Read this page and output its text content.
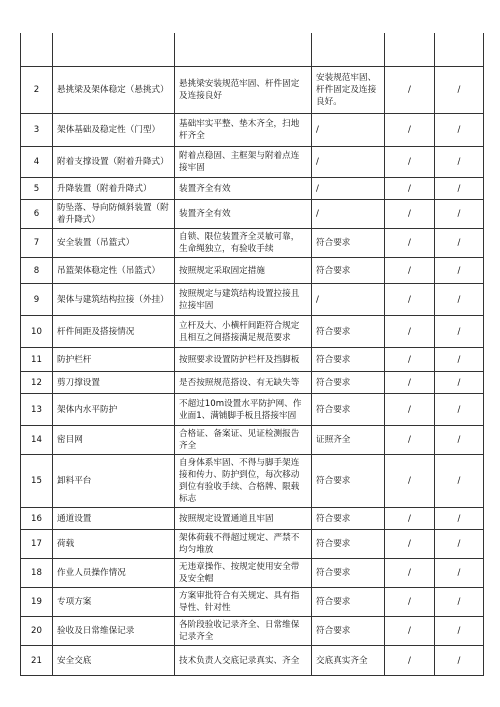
2	悬挑梁及架体稳定（悬挑式）	悬挑梁安装规范牢固、杆件固定及连接良好	安装规范牢固、杆件固定及连接良好。	/	/
3	架体基础及稳定性（门型）	基础牢实平整、垫木齐全，扫地杆齐全	/	/	/
4	附着支撑设置（附着升降式）	附着点稳固、主框架与附着点连接牢固	/	/	/
5	升降装置（附着升降式）	装置齐全有效	/	/	/
6	防坠落、导向防倾斜装置（附着升降式）	装置齐全有效	/	/	/
7	安全装置（吊篮式）	自锁、限位装置齐全灵敏可靠，生命绳独立，有验收手续	符合要求	/	/
8	吊篮架体稳定性（吊篮式）	按照规定采取固定措施	符合要求	/	/
9	架体与建筑结构拉接（外挂）	按照规定与建筑结构设置拉接且拉接牢固	/	/	/
10	杆件间距及搭接情况	立杆及大、小横杆间距符合规定且相互之间搭接满足规范要求	符合要求	/	/
11	防护栏杆	按照要求设置防护栏杆及挡脚板	符合要求	/	/
12	剪刀撑设置	是否按照规范搭设、有无缺失等	符合要求	/	/
13	架体内水平防护	不超过10m设置水平防护网、作业面1、满铺脚手板且搭接牢固	符合要求	/	/
14	密目网	合格证、备案证、见证检测报告齐全	证照齐全	/	/
15	卸料平台	自身体系牢固、不得与脚手架连接和传力、防护到位，每次移动到位有验收手续、合格牌、限载标志	符合要求	/	/
16	通道设置	按照规定设置通道且牢固	符合要求	/	/
17	荷载	架体荷载不得超过规定、严禁不均匀堆放	符合要求	/	/
18	作业人员操作情况	无违章操作、按规定使用安全带及安全帽	符合要求	/	/
19	专项方案	方案审批符合有关规定、具有指导性、针对性	符合要求	/	/
20	验收及日常维保记录	各阶段验收记录齐全、日常维保记录齐全	符合要求	/	/
21	安全交底	技术负责人交底记录真实、齐全	交底真实齐全	/	/
